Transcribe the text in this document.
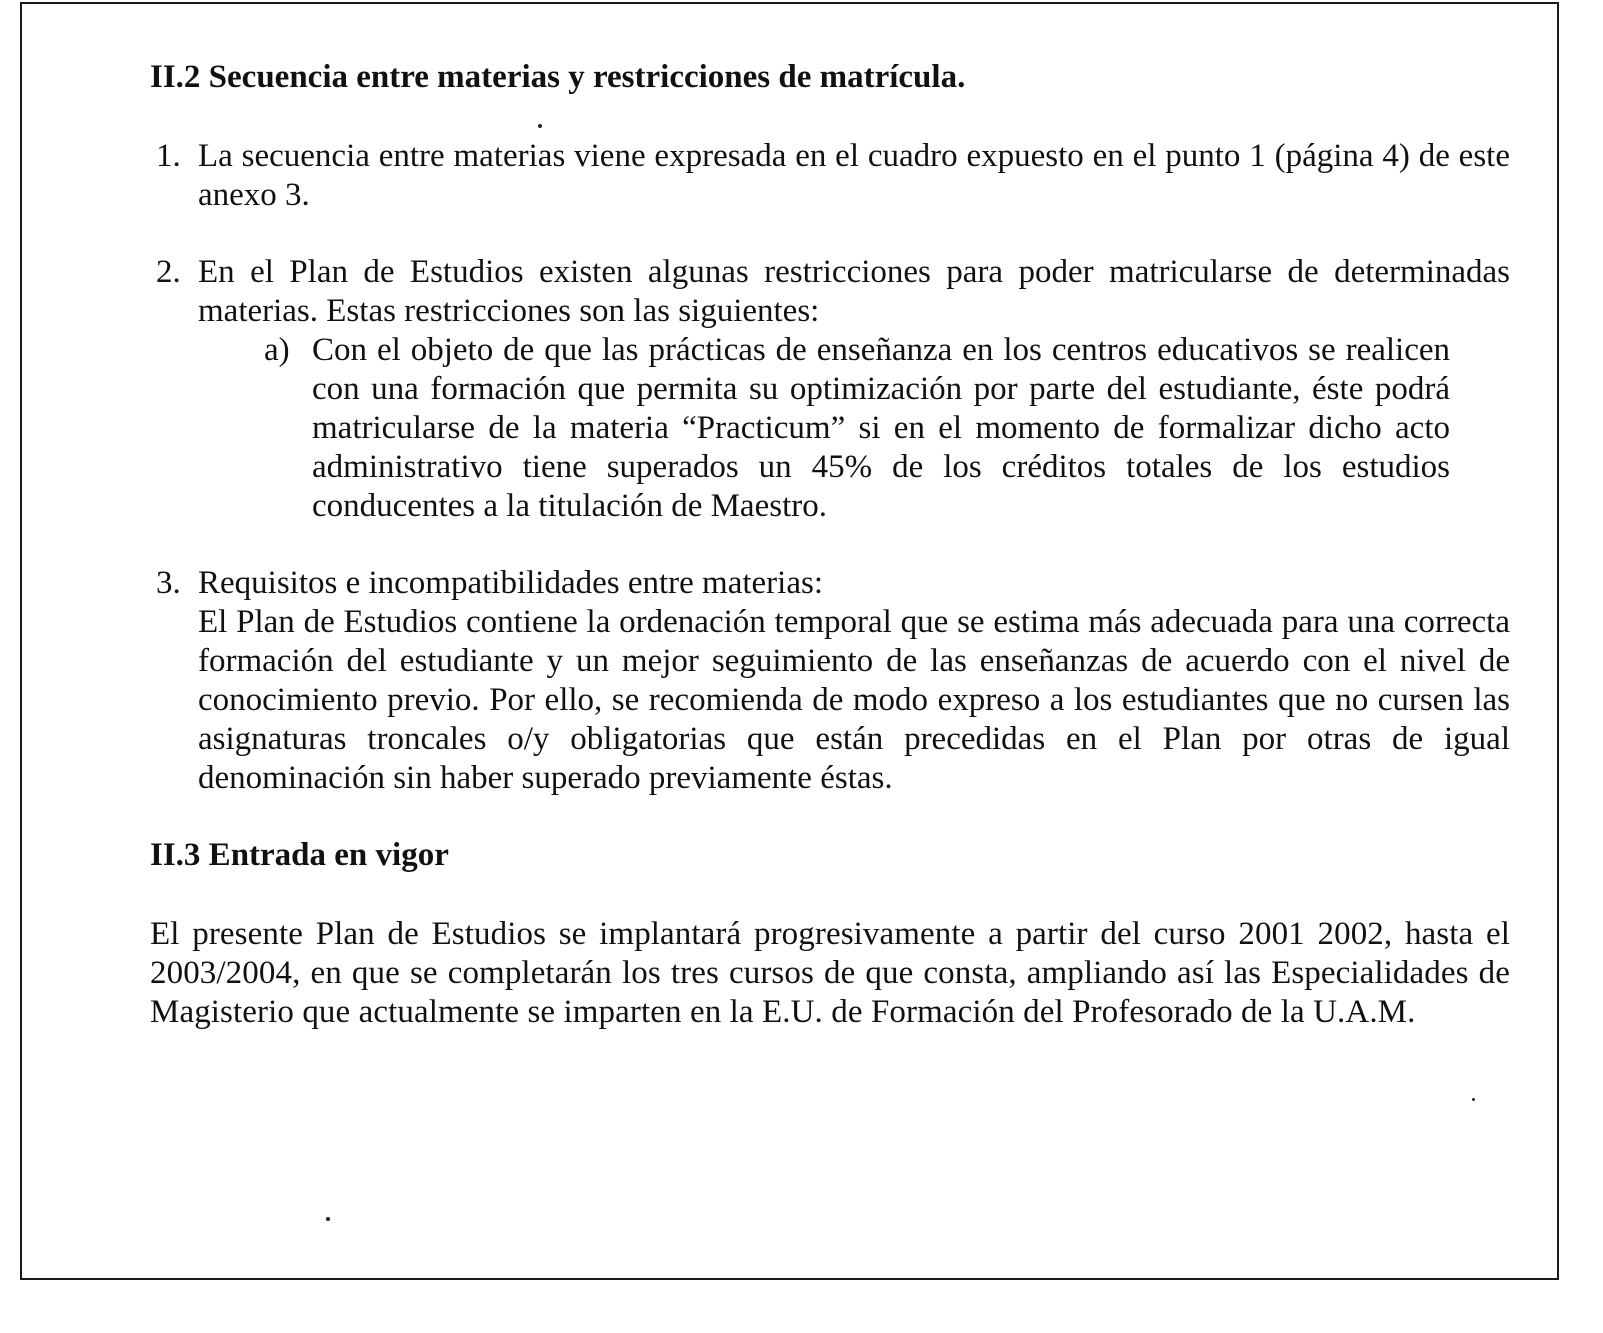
II.2 Secuencia entre materias y restricciones de matrícula.

1. La secuencia entre materias viene expresada en el cuadro expuesto en el punto 1 (página 4) de este anexo 3.
2. En el Plan de Estudios existen algunas restricciones para poder matricularse de determinadas materias. Estas restricciones son las siguientes:
a) Con el objeto de que las prácticas de enseñanza en los centros educativos se realicen con una formación que permita su optimización por parte del estudiante, éste podrá matricularse de la materia “Practicum” si en el momento de formalizar dicho acto administrativo tiene superados un 45% de los créditos totales de los estudios conducentes a la titulación de Maestro.
3. Requisitos e incompatibilidades entre materias:

El Plan de Estudios contiene la ordenación temporal que se estima más adecuada para una correcta formación del estudiante y un mejor seguimiento de las enseñanzas de acuerdo con el nivel de conocimiento previo. Por ello, se recomienda de modo expreso a los estudiantes que no cursen las asignaturas troncales o/y obligatorias que están precedidas en el Plan por otras de igual denominación sin haber superado previamente éstas.

II.3 Entrada en vigor

El presente Plan de Estudios se implantará progresivamente a partir del curso 2001 2002, hasta el 2003/2004, en que se completarán los tres cursos de que consta, ampliando así las Especialidades de Magisterio que actualmente se imparten en la E.U. de Formación del Profesorado de la U.A.M.
